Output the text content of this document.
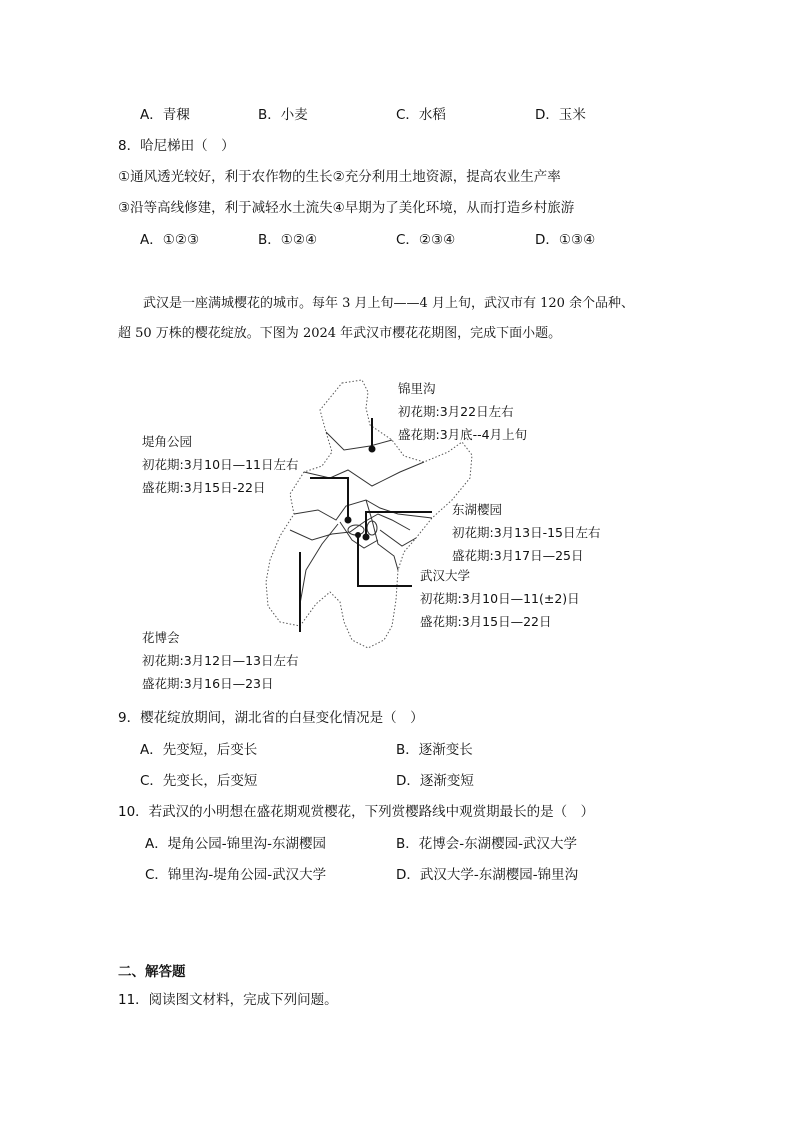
A．青稞	B．小麦	C．水稻	D．玉米
8．哈尼梯田（　）
①通风透光较好，利于农作物的生长②充分利用土地资源，提高农业生产率
③沿等高线修建，利于减轻水土流失④早期为了美化环境，从而打造乡村旅游
A．①②③	B．①②④	C．②③④	D．①③④
武汉是一座满城樱花的城市。每年 3 月上旬——4 月上旬，武汉市有 120 余个品种、
超 50 万株的樱花绽放。下图为 2024 年武汉市樱花花期图，完成下面小题。
锦里沟
初花期:3月22日左右
盛花期:3月底--4月上旬
堤角公园
初花期:3月10日—11日左右
盛花期:3月15日-22日
东湖樱园
初花期:3月13日-15日左右
盛花期:3月17日—25日
武汉大学
初花期:3月10日—11(±2)日
盛花期:3月15日—22日
花博会
初花期:3月12日—13日左右
盛花期:3月16日—23日
9．樱花绽放期间，湖北省的白昼变化情况是（　）
A．先变短，后变长	B．逐渐变长
C．先变长，后变短	D．逐渐变短
10．若武汉的小明想在盛花期观赏樱花，下列赏樱路线中观赏期最长的是（　）
A．堤角公园-锦里沟-东湖樱园	B．花博会-东湖樱园-武汉大学
C．锦里沟-堤角公园-武汉大学	D．武汉大学-东湖樱园-锦里沟
二、解答题
11．阅读图文材料，完成下列问题。
